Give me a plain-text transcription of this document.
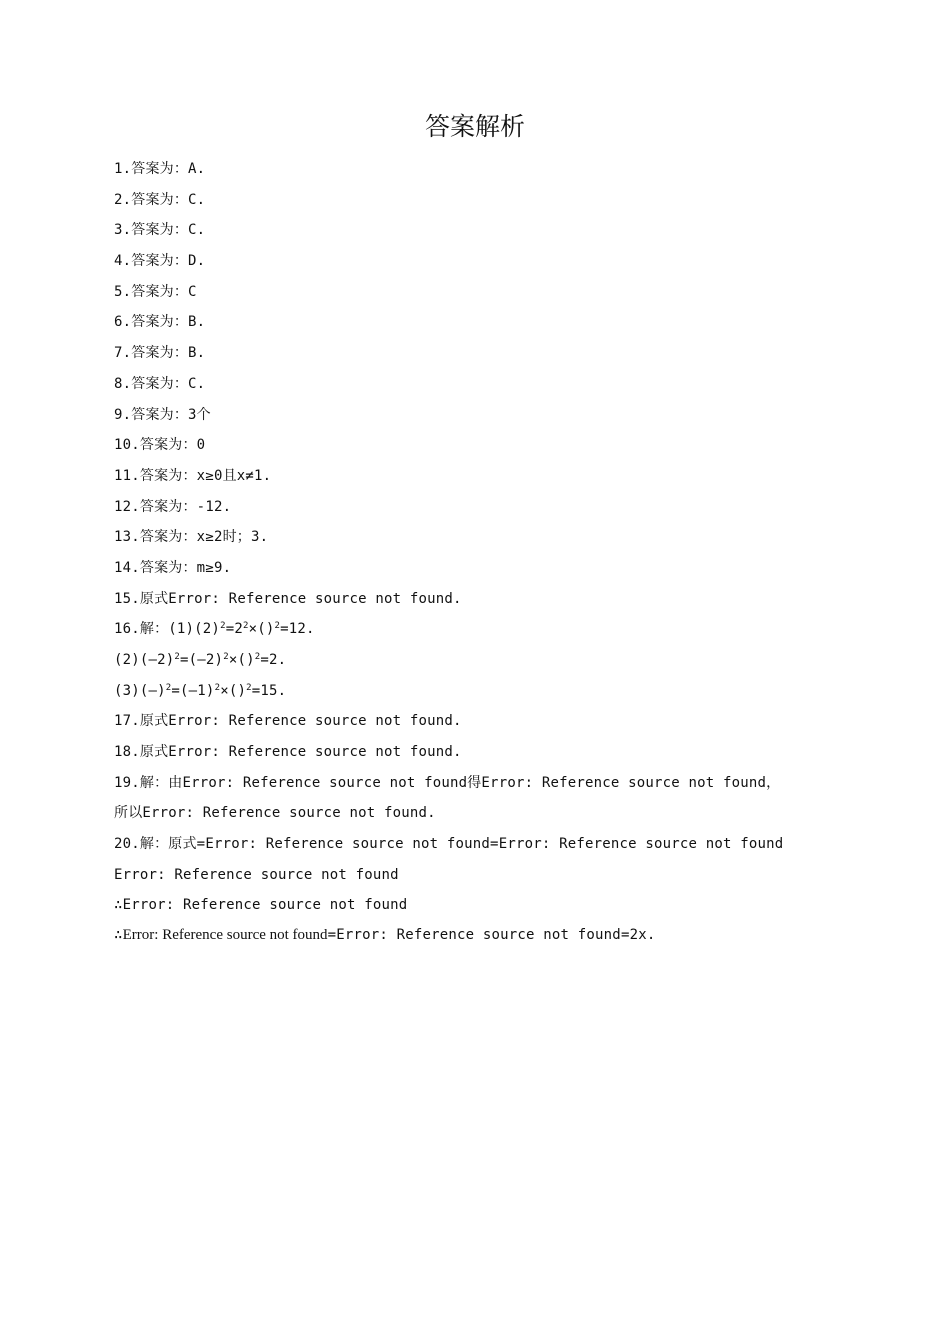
答案解析
1.答案为：A.
2.答案为：C.
3.答案为：C.
4.答案为：D.
5.答案为：C
6.答案为：B.
7.答案为：B.
8.答案为：C.
9.答案为：3个
10.答案为：0
11.答案为：x≥0且x≠1.
12.答案为：-12.
13.答案为：x≥2时；3.
14.答案为：m≥9.
15.原式Error: Reference source not found.
16.解：$(1)(2)^2=2^2\times()^2=12$.
(2)(—2)$^2$=(—2)$^2$×()$^2$=2.
(3)(—)$^2$=(—1)$^2$×()$^2$=15.
17.原式Error: Reference source not found.
18.原式Error: Reference source not found.
19.解：由Error: Reference source not found得Error: Reference source not found，
所以Error: Reference source not found.
20.解：原式=Error: Reference source not found=Error: Reference source not found
Error: Reference source not found
∴Error: Reference source not found
∴Error: Reference source not found=Error: Reference source not found=2x.
